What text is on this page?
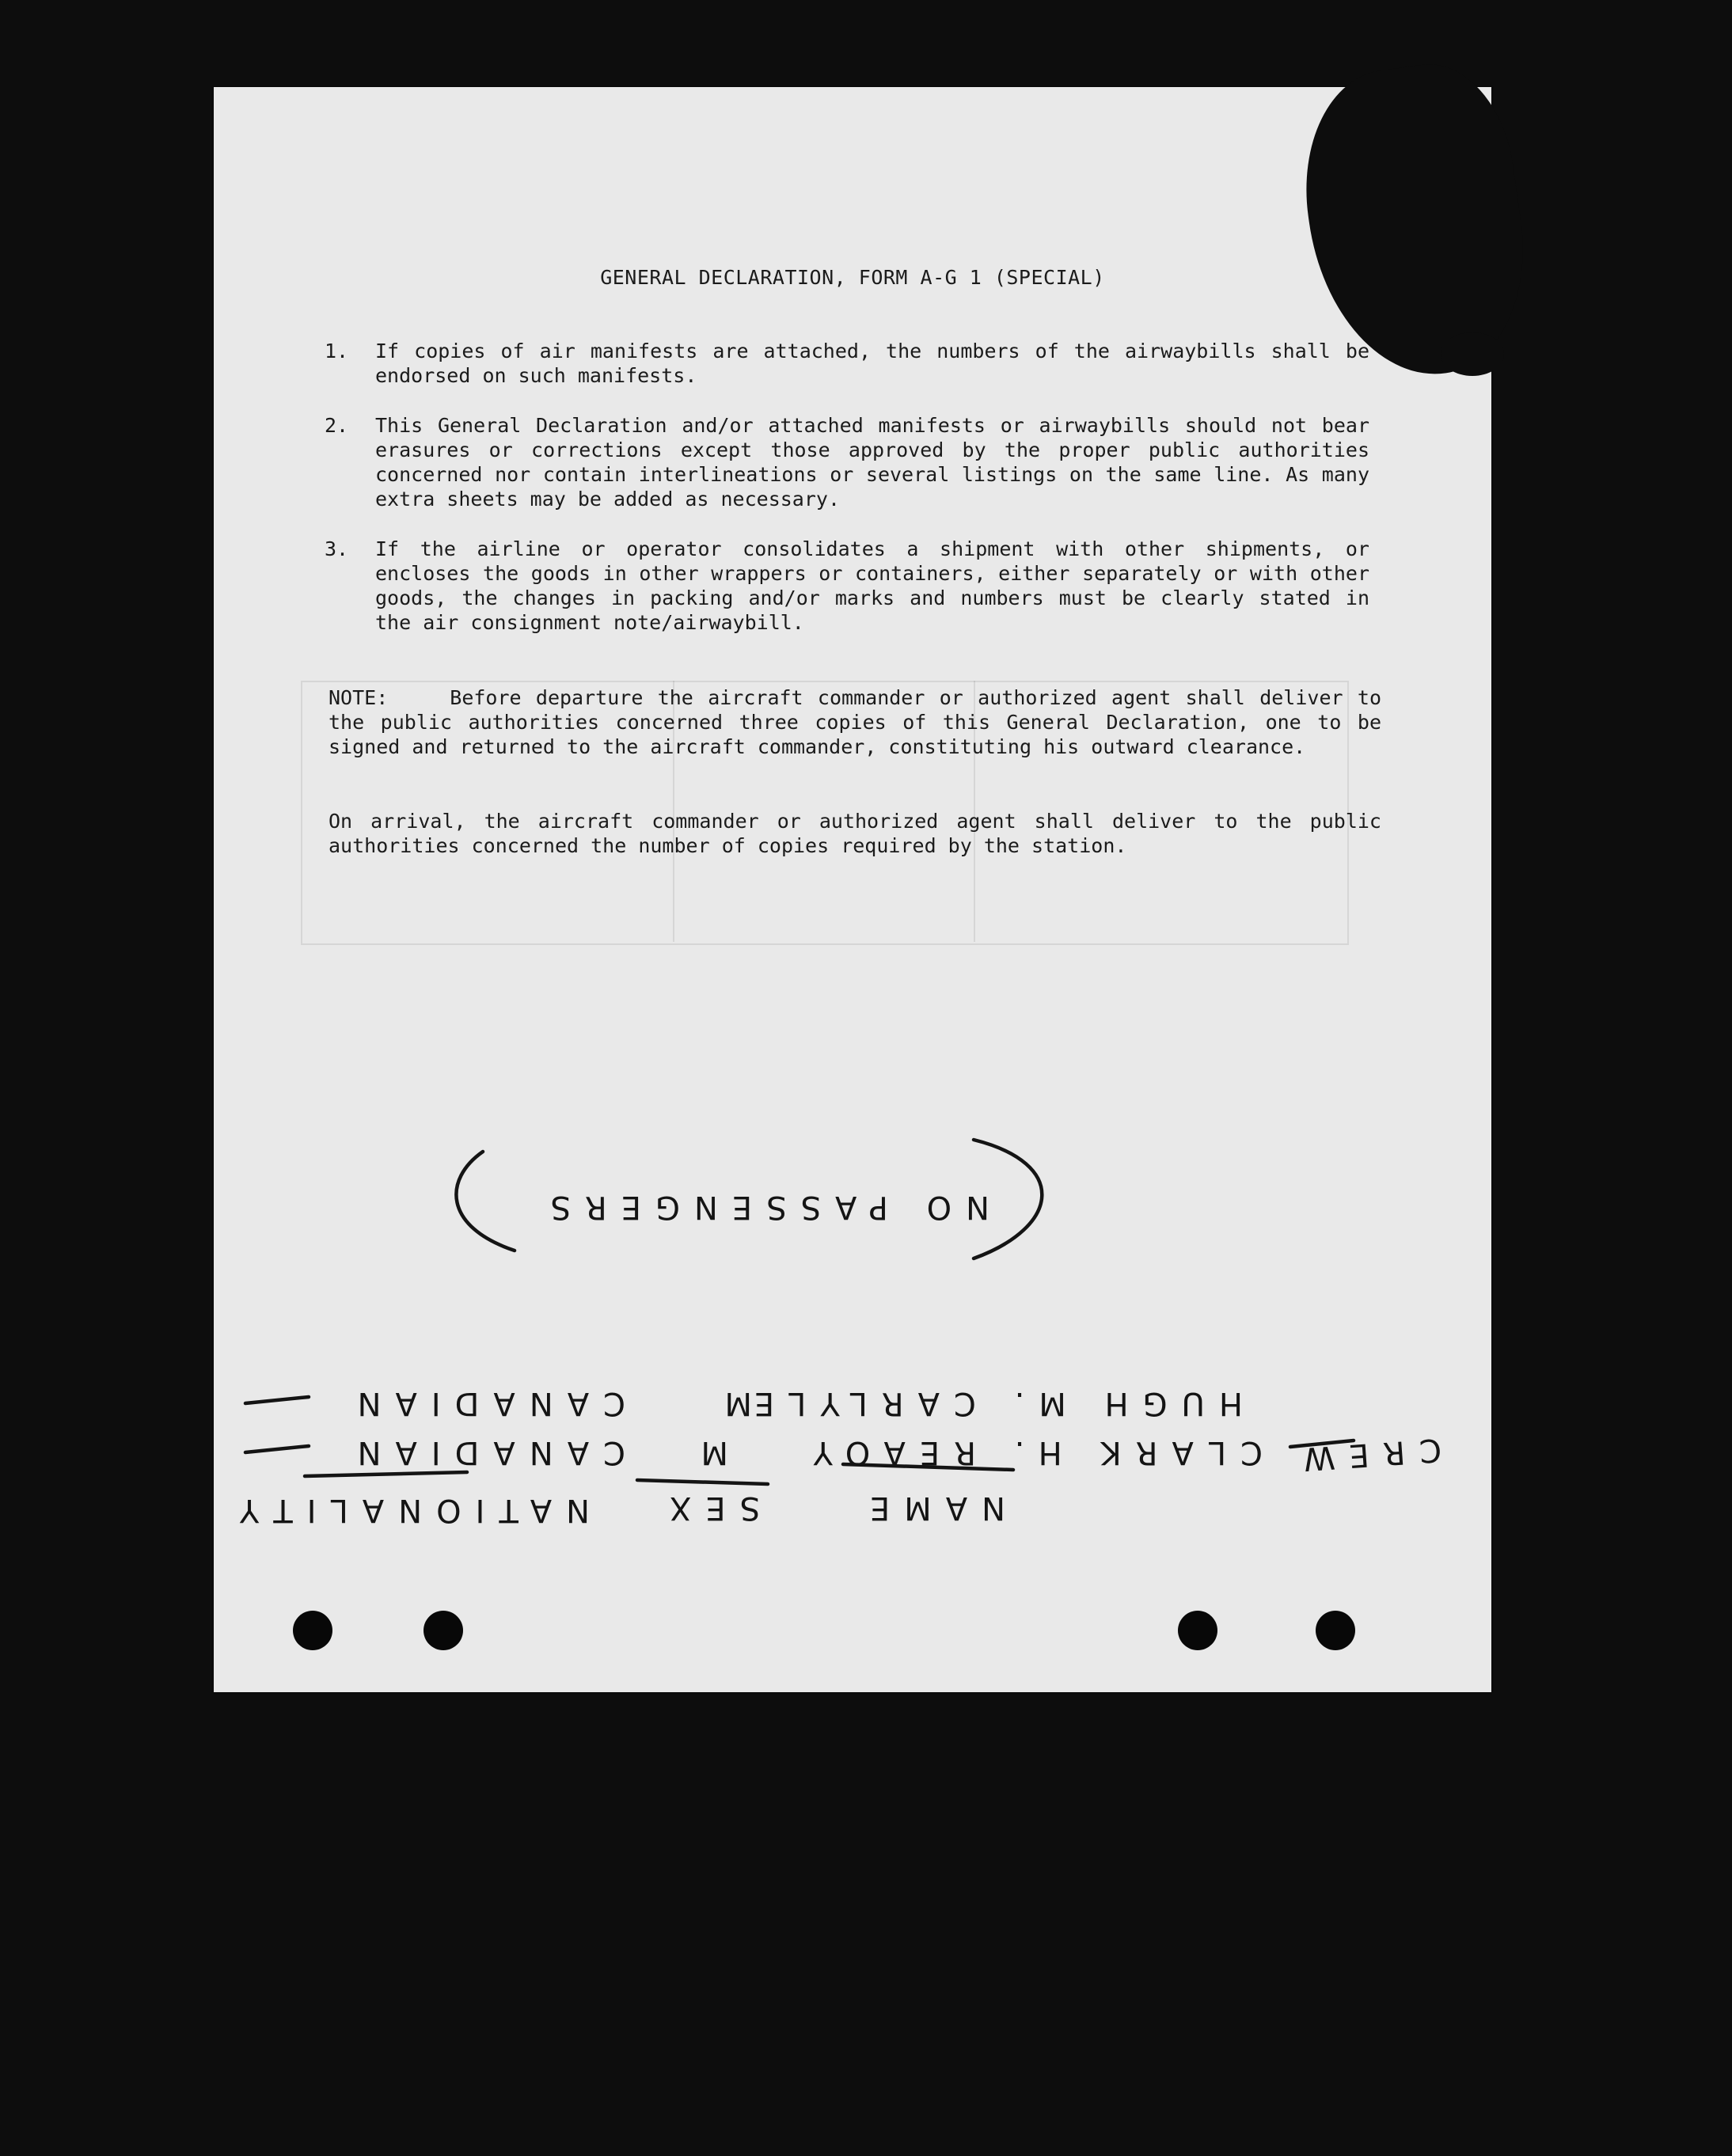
GENERAL DECLARATION, FORM A-G 1 (SPECIAL)
1. If copies of air manifests are attached, the numbers of the airwaybills shall be endorsed on such manifests.
2. This General Declaration and/or attached manifests or airwaybills should not bear erasures or corrections except those approved by the proper public authorities concerned nor contain interlineations or several listings on the same line. As many extra sheets may be added as necessary.
3. If the airline or operator consolidates a shipment with other shipments, or encloses the goods in other wrappers or containers, either separately or with other goods, the changes in packing and/or marks and numbers must be clearly stated in the air consignment note/airwaybill.
NOTE:	Before departure the aircraft commander or authorized agent shall deliver to the public authorities concerned three copies of this General Declaration, one to be signed and returned to the aircraft commander, constituting his outward clearance.
On arrival, the aircraft commander or authorized agent shall deliver to the public authorities concerned the number of copies required by the station.
NO PASSENGERS
CREW
CLARK H. REAOY
M
CANADIAN
HUGH M. CARLYLE
M
CANADIAN
NAME
SEX
NATIONALITY
